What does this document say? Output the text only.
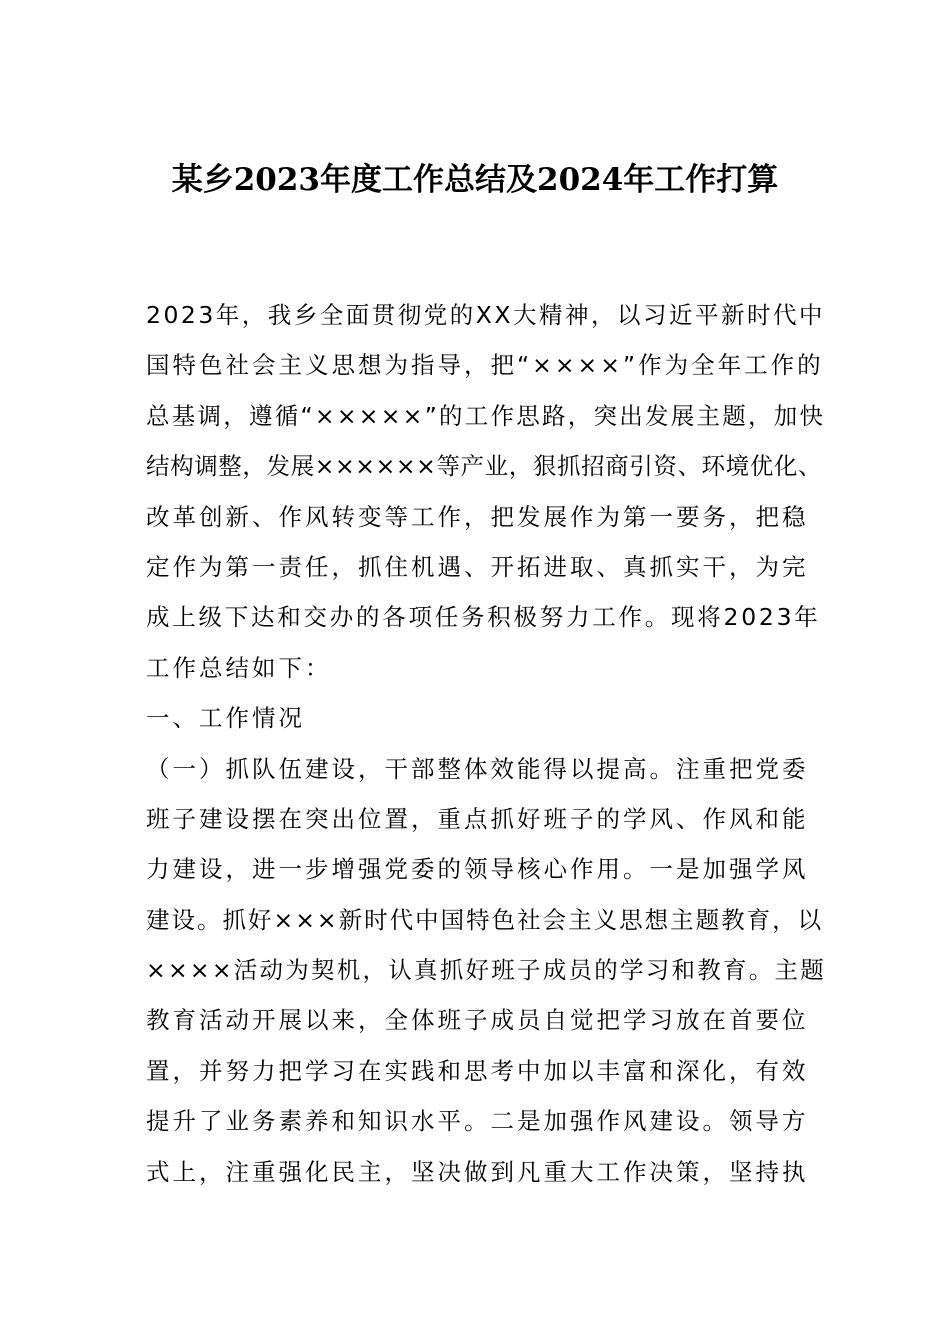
某乡2023年度工作总结及2024年工作打算
2023年，我乡全面贯彻党的XX大精神，以习近平新时代中
国特色社会主义思想为指导，把“××××”作为全年工作的
总基调，遵循“×××××”的工作思路，突出发展主题，加快
结构调整，发展××××××等产业，狠抓招商引资、环境优化、
改革创新、作风转变等工作，把发展作为第一要务，把稳
定作为第一责任，抓住机遇、开拓进取、真抓实干，为完
成上级下达和交办的各项任务积极努力工作。现将2023年
工作总结如下：
一、工作情况
（一）抓队伍建设，干部整体效能得以提高。注重把党委
班子建设摆在突出位置，重点抓好班子的学风、作风和能
力建设，进一步增强党委的领导核心作用。一是加强学风
建设。抓好×××新时代中国特色社会主义思想主题教育，以
××××活动为契机，认真抓好班子成员的学习和教育。主题
教育活动开展以来，全体班子成员自觉把学习放在首要位
置，并努力把学习在实践和思考中加以丰富和深化，有效
提升了业务素养和知识水平。二是加强作风建设。领导方
式上，注重强化民主，坚决做到凡重大工作决策，坚持执
